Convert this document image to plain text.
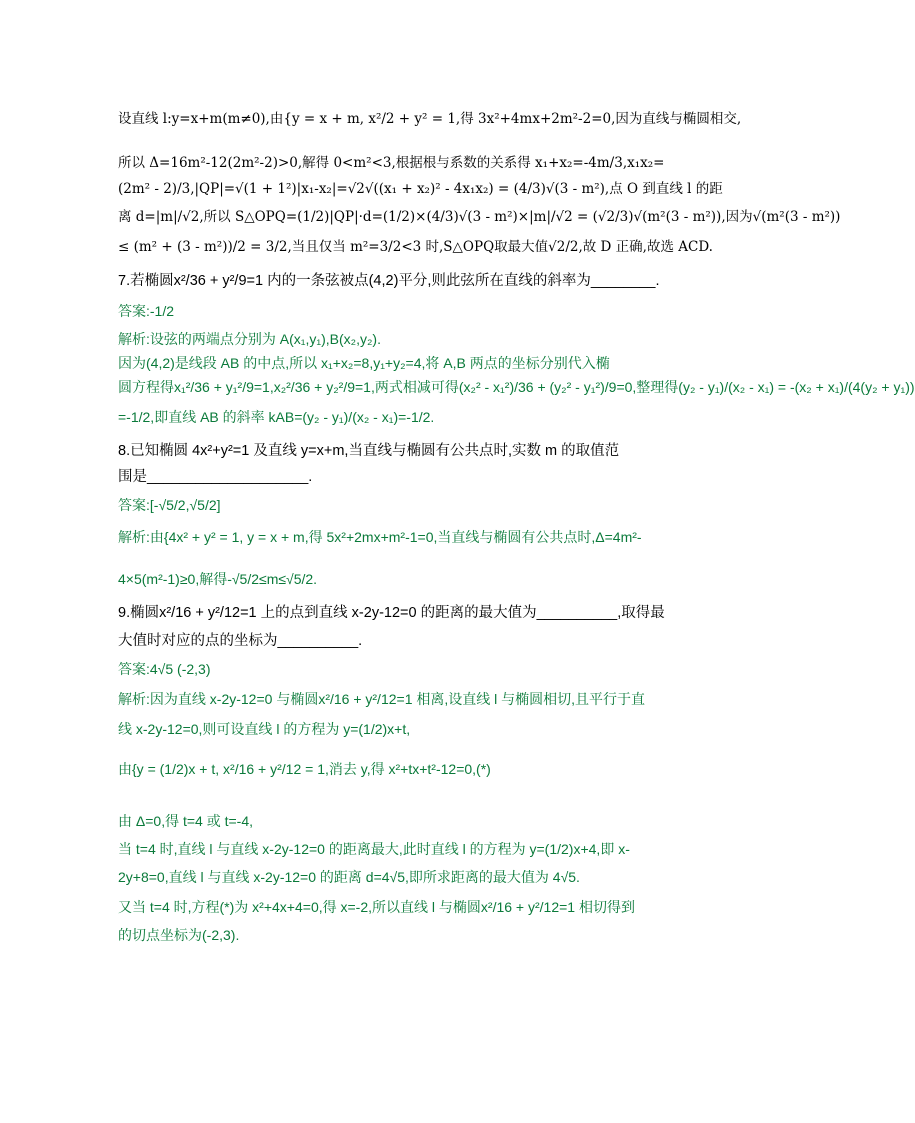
设直线 l:y=x+m(m≠0),由{y = x + m, x²/2 + y² = 1,得 3x²+4mx+2m²-2=0,因为直线与椭圆相交,
所以 Δ=16m²-12(2m²-2)>0,解得 0<m²<3,根据根与系数的关系得 x₁+x₂=-4m/3,x₁x₂=
(2m² - 2)/3,|QP|=√(1 + 1²)|x₁-x₂|=√2√((x₁ + x₂)² - 4x₁x₂) = (4/3)√(3 - m²),点 O 到直线 l 的距
离 d=|m|/√2,所以 S△OPQ=(1/2)|QP|·d=(1/2)×(4/3)√(3 - m²)×|m|/√2 = (√2/3)√(m²(3 - m²)),因为√(m²(3 - m²))
≤ (m² + (3 - m²))/2 = 3/2,当且仅当 m²=3/2<3 时,S△OPQ取最大值√2/2,故 D 正确,故选 ACD.
7.若椭圆x²/36 + y²/9=1 内的一条弦被点(4,2)平分,则此弦所在直线的斜率为________.
答案:-1/2
解析:设弦的两端点分别为 A(x₁,y₁),B(x₂,y₂).
因为(4,2)是线段 AB 的中点,所以 x₁+x₂=8,y₁+y₂=4,将 A,B 两点的坐标分别代入椭
圆方程得x₁²/36 + y₁²/9=1,x₂²/36 + y₂²/9=1,两式相减可得(x₂² - x₁²)/36 + (y₂² - y₁²)/9=0,整理得(y₂ - y₁)/(x₂ - x₁) = -(x₂ + x₁)/(4(y₂ + y₁))
=-1/2,即直线 AB 的斜率 kAB=(y₂ - y₁)/(x₂ - x₁)=-1/2.
8.已知椭圆 4x²+y²=1 及直线 y=x+m,当直线与椭圆有公共点时,实数 m 的取值范
围是____________________.
答案:[-√5/2,√5/2]
解析:由{4x² + y² = 1, y = x + m,得 5x²+2mx+m²-1=0,当直线与椭圆有公共点时,Δ=4m²-
4×5(m²-1)≥0,解得-√5/2≤m≤√5/2.
9.椭圆x²/16 + y²/12=1 上的点到直线 x-2y-12=0 的距离的最大值为__________,取得最
大值时对应的点的坐标为__________.
答案:4√5 (-2,3)
解析:因为直线 x-2y-12=0 与椭圆x²/16 + y²/12=1 相离,设直线 l 与椭圆相切,且平行于直
线 x-2y-12=0,则可设直线 l 的方程为 y=(1/2)x+t,
由{y = (1/2)x + t, x²/16 + y²/12 = 1,消去 y,得 x²+tx+t²-12=0,(*)
由 Δ=0,得 t=4 或 t=-4,
当 t=4 时,直线 l 与直线 x-2y-12=0 的距离最大,此时直线 l 的方程为 y=(1/2)x+4,即 x-
2y+8=0,直线 l 与直线 x-2y-12=0 的距离 d=4√5,即所求距离的最大值为 4√5.
又当 t=4 时,方程(*)为 x²+4x+4=0,得 x=-2,所以直线 l 与椭圆x²/16 + y²/12=1 相切得到
的切点坐标为(-2,3).
